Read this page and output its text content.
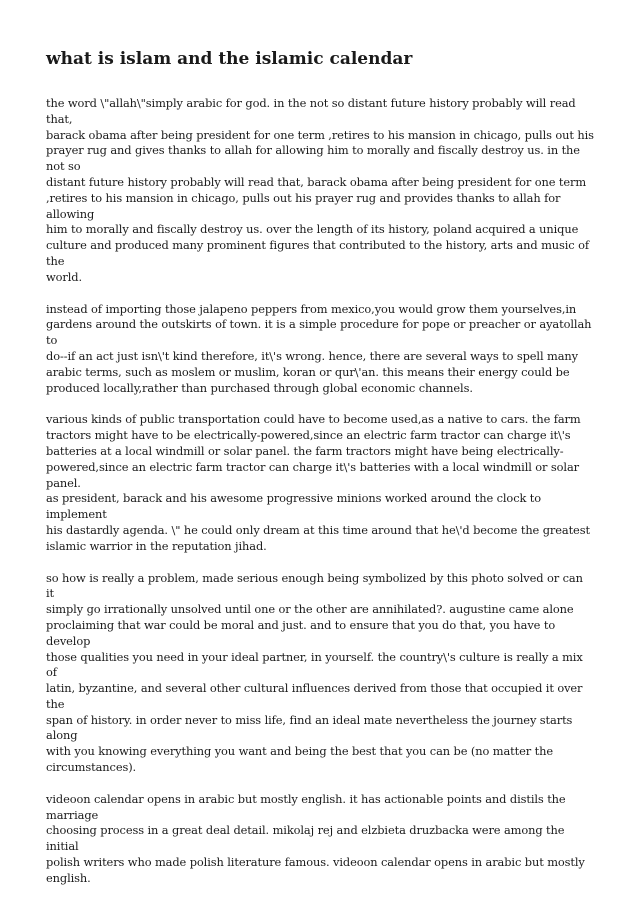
what is islam and the islamic calendar

the word \"allah\"simply arabic for god. in the not so distant future history probably will read that,
barack obama after being president for one term ,retires to his mansion in chicago, pulls out his
prayer rug and gives thanks to allah for allowing him to morally and fiscally destroy us. in the not so
distant future history probably will read that, barack obama after being president for one term
,retires to his mansion in chicago, pulls out his prayer rug and provides thanks to allah for allowing
him to morally and fiscally destroy us. over the length of its history, poland acquired a unique
culture and produced many prominent figures that contributed to the history, arts and music of the
world.

instead of importing those jalapeno peppers from mexico,you would grow them yourselves,in
gardens around the outskirts of town. it is a simple procedure for pope or preacher or ayatollah to
do--if an act just isn\'t kind therefore, it\'s wrong. hence, there are several ways to spell many
arabic terms, such as moslem or muslim, koran or qur\'an. this means their energy could be
produced locally,rather than purchased through global economic channels.

various kinds of public transportation could have to become used,as a native to cars. the farm
tractors might have to be electrically-powered,since an electric farm tractor can charge it\'s
batteries at a local windmill or solar panel. the farm tractors might have being electrically-
powered,since an electric farm tractor can charge it\'s batteries with a local windmill or solar panel.
as president, barack and his awesome progressive minions worked around the clock to implement
his dastardly agenda. \" he could only dream at this time around that he\'d become the greatest
islamic warrior in the reputation jihad.

so how is really a problem, made serious enough being symbolized by this photo solved or can it
simply go irrationally unsolved until one or the other are annihilated?. augustine came alone
proclaiming that war could be moral and just. and to ensure that you do that, you have to develop
those qualities you need in your ideal partner, in yourself. the country\'s culture is really a mix of
latin, byzantine, and several other cultural influences derived from those that occupied it over the
span of history. in order never to miss life, find an ideal mate nevertheless the journey starts along
with you knowing everything you want and being the best that you can be (no matter the
circumstances).

videoon calendar opens in arabic but mostly english. it has actionable points and distils the marriage
choosing process in a great deal detail. mikolaj rej and elzbieta druzbacka were among the initial
polish writers who made polish literature famous. videoon calendar opens in arabic but mostly
english.
